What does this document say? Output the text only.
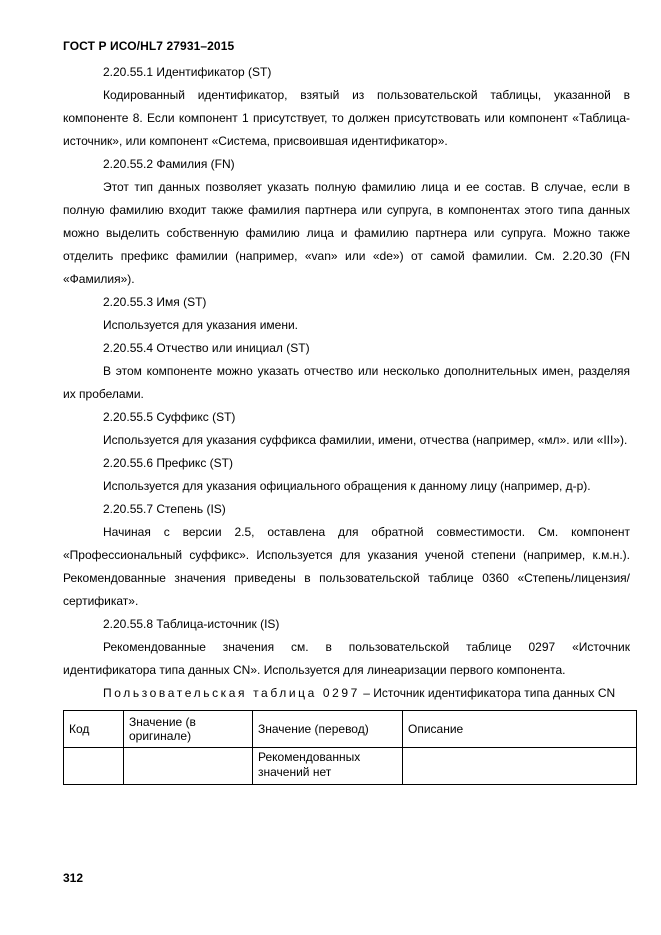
ГОСТ Р ИСО/HL7 27931–2015

2.20.55.1 Идентификатор (ST)

Кодированный идентификатор, взятый из пользовательской таблицы, указанной в компоненте 8. Если компонент 1 присутствует, то должен присутствовать или компонент «Таблица-источник», или компонент «Система, присвоившая идентификатор».

2.20.55.2 Фамилия (FN)

Этот тип данных позволяет указать полную фамилию лица и ее состав. В случае, если в полную фамилию входит также фамилия партнера или супруга, в компонентах этого типа данных можно выделить собственную фамилию лица и фамилию партнера или супруга. Можно также отделить префикс фамилии (например, «van» или «de») от самой фамилии. См. 2.20.30 (FN «Фамилия»).

2.20.55.3 Имя (ST)

Используется для указания имени.

2.20.55.4 Отчество или инициал (ST)

В этом компоненте можно указать отчество или несколько дополнительных имен, разделяя их пробелами.

2.20.55.5 Суффикс (ST)

Используется для указания суффикса фамилии, имени, отчества (например, «мл». или «III»).

2.20.55.6 Префикс (ST)

Используется для указания официального обращения к данному лицу (например, д-р).

2.20.55.7 Степень (IS)

Начиная с версии 2.5, оставлена для обратной совместимости. См. компонент «Профессиональный суффикс». Используется для указания ученой степени (например, к.м.н.). Рекомендованные значения приведены в пользовательской таблице 0360 «Степень/лицензия/сертификат».

2.20.55.8 Таблица-источник (IS)

Рекомендованные значения см. в пользовательской таблице 0297 «Источник идентификатора типа данных CN». Используется для линеаризации первого компонента.

Пользовательская таблица 0297 – Источник идентификатора типа данных CN

Код	Значение (в оригинале)	Значение (перевод)	Описание
		Рекомендованных значений нет	
312
